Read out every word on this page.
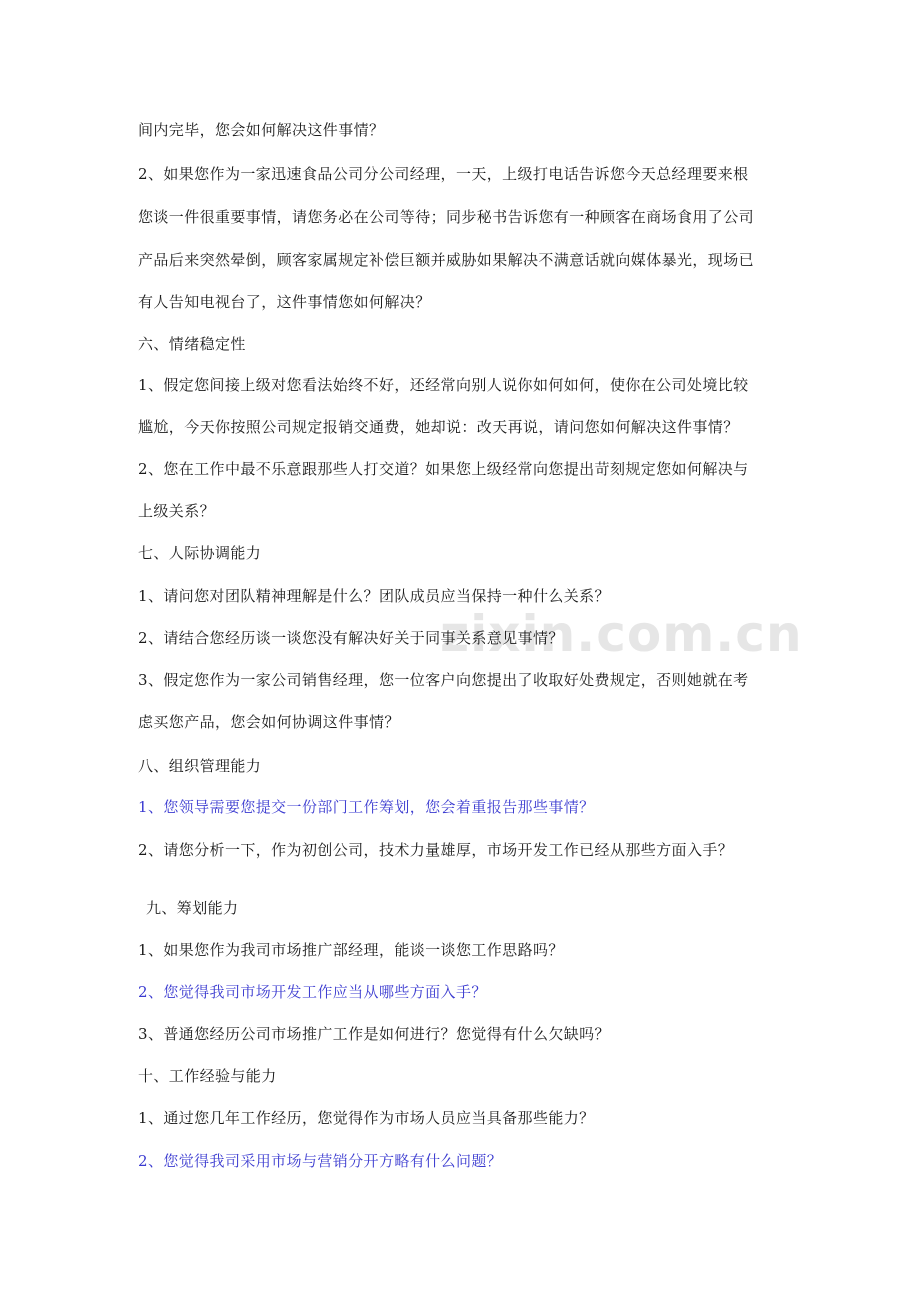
zixin.com.cn
间内完毕，您会如何解决这件事情？
2、如果您作为一家迅速食品公司分公司经理，一天，上级打电话告诉您今天总经理要来根
您谈一件很重要事情，请您务必在公司等待；同步秘书告诉您有一种顾客在商场食用了公司
产品后来突然晕倒，顾客家属规定补偿巨额并威胁如果解决不满意话就向媒体暴光，现场已
有人告知电视台了，这件事情您如何解决？
六、情绪稳定性
1、假定您间接上级对您看法始终不好，还经常向别人说你如何如何，使你在公司处境比较
尴尬，今天你按照公司规定报销交通费，她却说：改天再说，请问您如何解决这件事情？
2、您在工作中最不乐意跟那些人打交道？如果您上级经常向您提出苛刻规定您如何解决与
上级关系？
七、人际协调能力
1、请问您对团队精神理解是什么？团队成员应当保持一种什么关系？
2、请结合您经历谈一谈您没有解决好关于同事关系意见事情？
3、假定您作为一家公司销售经理，您一位客户向您提出了收取好处费规定，否则她就在考
虑买您产品，您会如何协调这件事情？
八、组织管理能力
1、您领导需要您提交一份部门工作筹划，您会着重报告那些事情？
2、请您分析一下，作为初创公司，技术力量雄厚，市场开发工作已经从那些方面入手？
九、筹划能力
1、如果您作为我司市场推广部经理，能谈一谈您工作思路吗？
2、您觉得我司市场开发工作应当从哪些方面入手？
3、普通您经历公司市场推广工作是如何进行？您觉得有什么欠缺吗？
十、工作经验与能力
1、通过您几年工作经历，您觉得作为市场人员应当具备那些能力？
2、您觉得我司采用市场与营销分开方略有什么问题？
